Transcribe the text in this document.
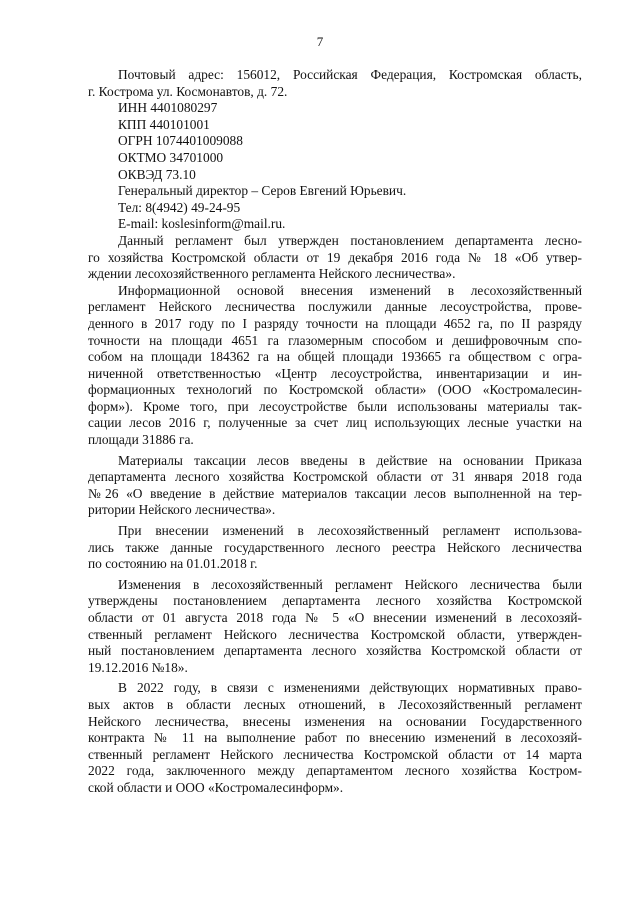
7
Почтовый адрес: 156012, Российская Федерация, Костромская область,
г. Кострома ул. Космонавтов, д. 72.
ИНН 4401080297
КПП 440101001
ОГРН 1074401009088
ОКТМО 34701000
ОКВЭД 73.10
Генеральный директор – Серов Евгений Юрьевич.
Тел: 8(4942) 49-24-95
E-mail: koslesinform@mail.ru.
Данный регламент был утвержден постановлением департамента лесно-
го хозяйства Костромской области от 19 декабря 2016 года № 18 «Об утвер-
ждении лесохозяйственного регламента Нейского лесничества».
Информационной основой внесения изменений в лесохозяйственный
регламент Нейского лесничества послужили данные лесоустройства, прове-
денного в 2017 году по I разряду точности на площади 4652 га, по II разряду
точности на площади 4651 га глазомерным способом и дешифровочным спо-
собом на площади 184362 га на общей площади 193665 га обществом с огра-
ниченной ответственностью «Центр лесоустройства, инвентаризации и ин-
формационных технологий по Костромской области» (ООО «Костромалесин-
форм»). Кроме того, при лесоустройстве были использованы материалы так-
сации лесов 2016 г, полученные за счет лиц использующих лесные участки на
площади 31886 га.
Материалы таксации лесов введены в действие на основании Приказа
департамента лесного хозяйства Костромской области от 31 января 2018 года
№26 «О введение в действие материалов таксации лесов выполненной на тер-
ритории Нейского лесничества».
При внесении изменений в лесохозяйственный регламент использова-
лись также данные государственного лесного реестра Нейского лесничества
по состоянию на 01.01.2018 г.
Изменения в лесохозяйственный регламент Нейского лесничества были
утверждены постановлением департамента лесного хозяйства Костромской
области от 01 августа 2018 года № 5 «О внесении изменений в лесохозяй-
ственный регламент Нейского лесничества Костромской области, утвержден-
ный постановлением департамента лесного хозяйства Костромской области от
19.12.2016 №18».
В 2022 году, в связи с изменениями действующих нормативных право-
вых актов в области лесных отношений, в Лесохозяйственный регламент
Нейского лесничества, внесены изменения на основании Государственного
контракта № 11 на выполнение работ по внесению изменений в лесохозяй-
ственный регламент Нейского лесничества Костромской области от 14 марта
2022 года, заключенного между департаментом лесного хозяйства Костром-
ской области и ООО «Костромалесинформ».
